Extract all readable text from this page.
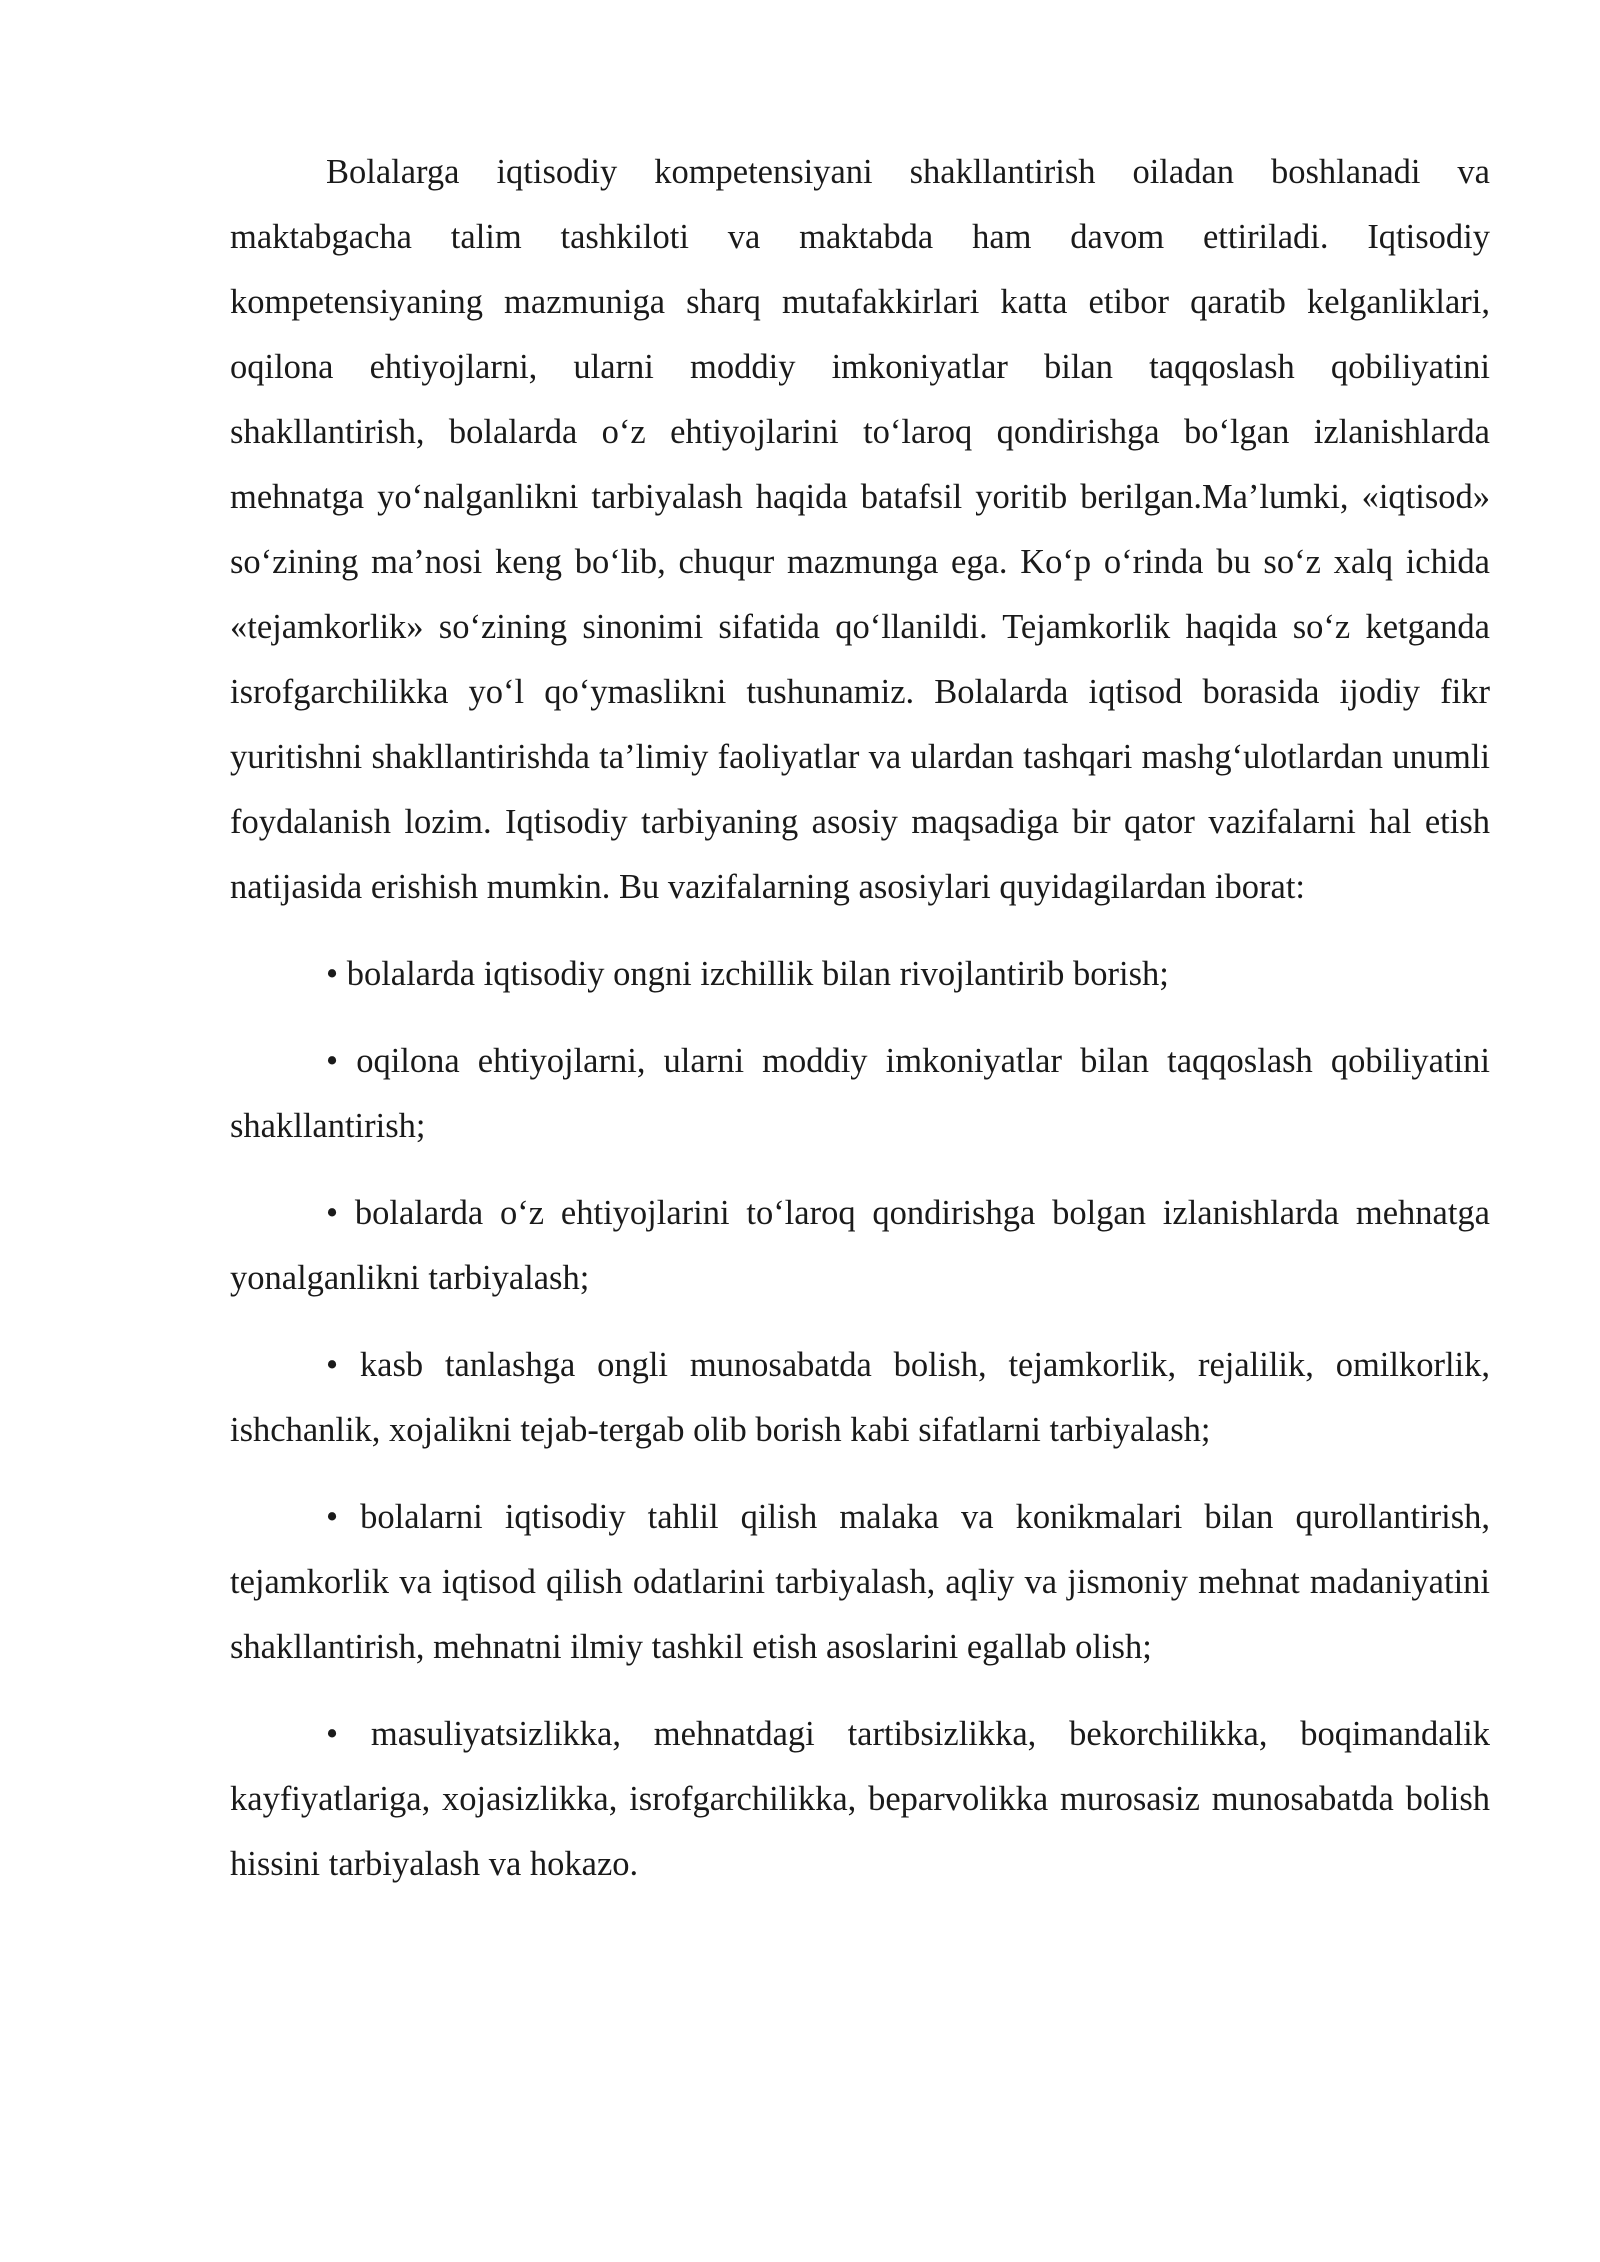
Bolalarga iqtisodiy kompetensiyani shakllantirish oiladan boshlanadi va maktabgacha talim tashkiloti va maktabda ham davom ettiriladi. Iqtisodiy kompetensiyaning mazmuniga sharq mutafakkirlari katta etibor qaratib kelganliklari, oqilona ehtiyojlarni, ularni moddiy imkoniyatlar bilan taqqoslash qobiliyatini shakllantirish, bolalarda o‘z ehtiyojlarini to‘laroq qondirishga bo‘lgan izlanishlarda mehnatga yo‘nalganlikni tarbiyalash haqida batafsil yoritib berilgan.Ma’lumki, «iqtisod» so‘zining ma’nosi keng bo‘lib, chuqur mazmunga ega. Ko‘p o‘rinda bu so‘z xalq ichida «tejamkorlik» so‘zining sinonimi sifatida qo‘llanildi. Tejamkorlik haqida so‘z ketganda isrofgarchilikka yo‘l qo‘ymaslikni tushunamiz. Bolalarda iqtisod borasida ijodiy fikr yuritishni shakllantirishda ta’limiy faoliyatlar va ulardan tashqari mashg‘ulotlardan unumli foydalanish lozim. Iqtisodiy tarbiyaning asosiy maqsadiga bir qator vazifalarni hal etish natijasida erishish mumkin. Bu vazifalarning asosiylari quyidagilardan iborat:

• bolalarda iqtisodiy ongni izchillik bilan rivojlantirib borish;

• oqilona ehtiyojlarni, ularni moddiy imkoniyatlar bilan taqqoslash qobiliyatini shakllantirish;

• bolalarda o‘z ehtiyojlarini to‘laroq qondirishga bolgan izlanishlarda mehnatga yonalganlikni tarbiyalash;

• kasb tanlashga ongli munosabatda bolish, tejamkorlik, rejalilik, omilkorlik, ishchanlik, xojalikni tejab-tergab olib borish kabi sifatlarni tarbiyalash;

• bolalarni iqtisodiy tahlil qilish malaka va konikmalari bilan qurollantirish, tejamkorlik va iqtisod qilish odatlarini tarbiyalash, aqliy va jismoniy mehnat madaniyatini shakllantirish, mehnatni ilmiy tashkil etish asoslarini egallab olish;

• masuliyatsizlikka, mehnatdagi tartibsizlikka, bekorchilikka, boqimandalik kayfiyatlariga, xojasizlikka, isrofgarchilikka, beparvolikka murosasiz munosabatda bolish hissini tarbiyalash va hokazo.
